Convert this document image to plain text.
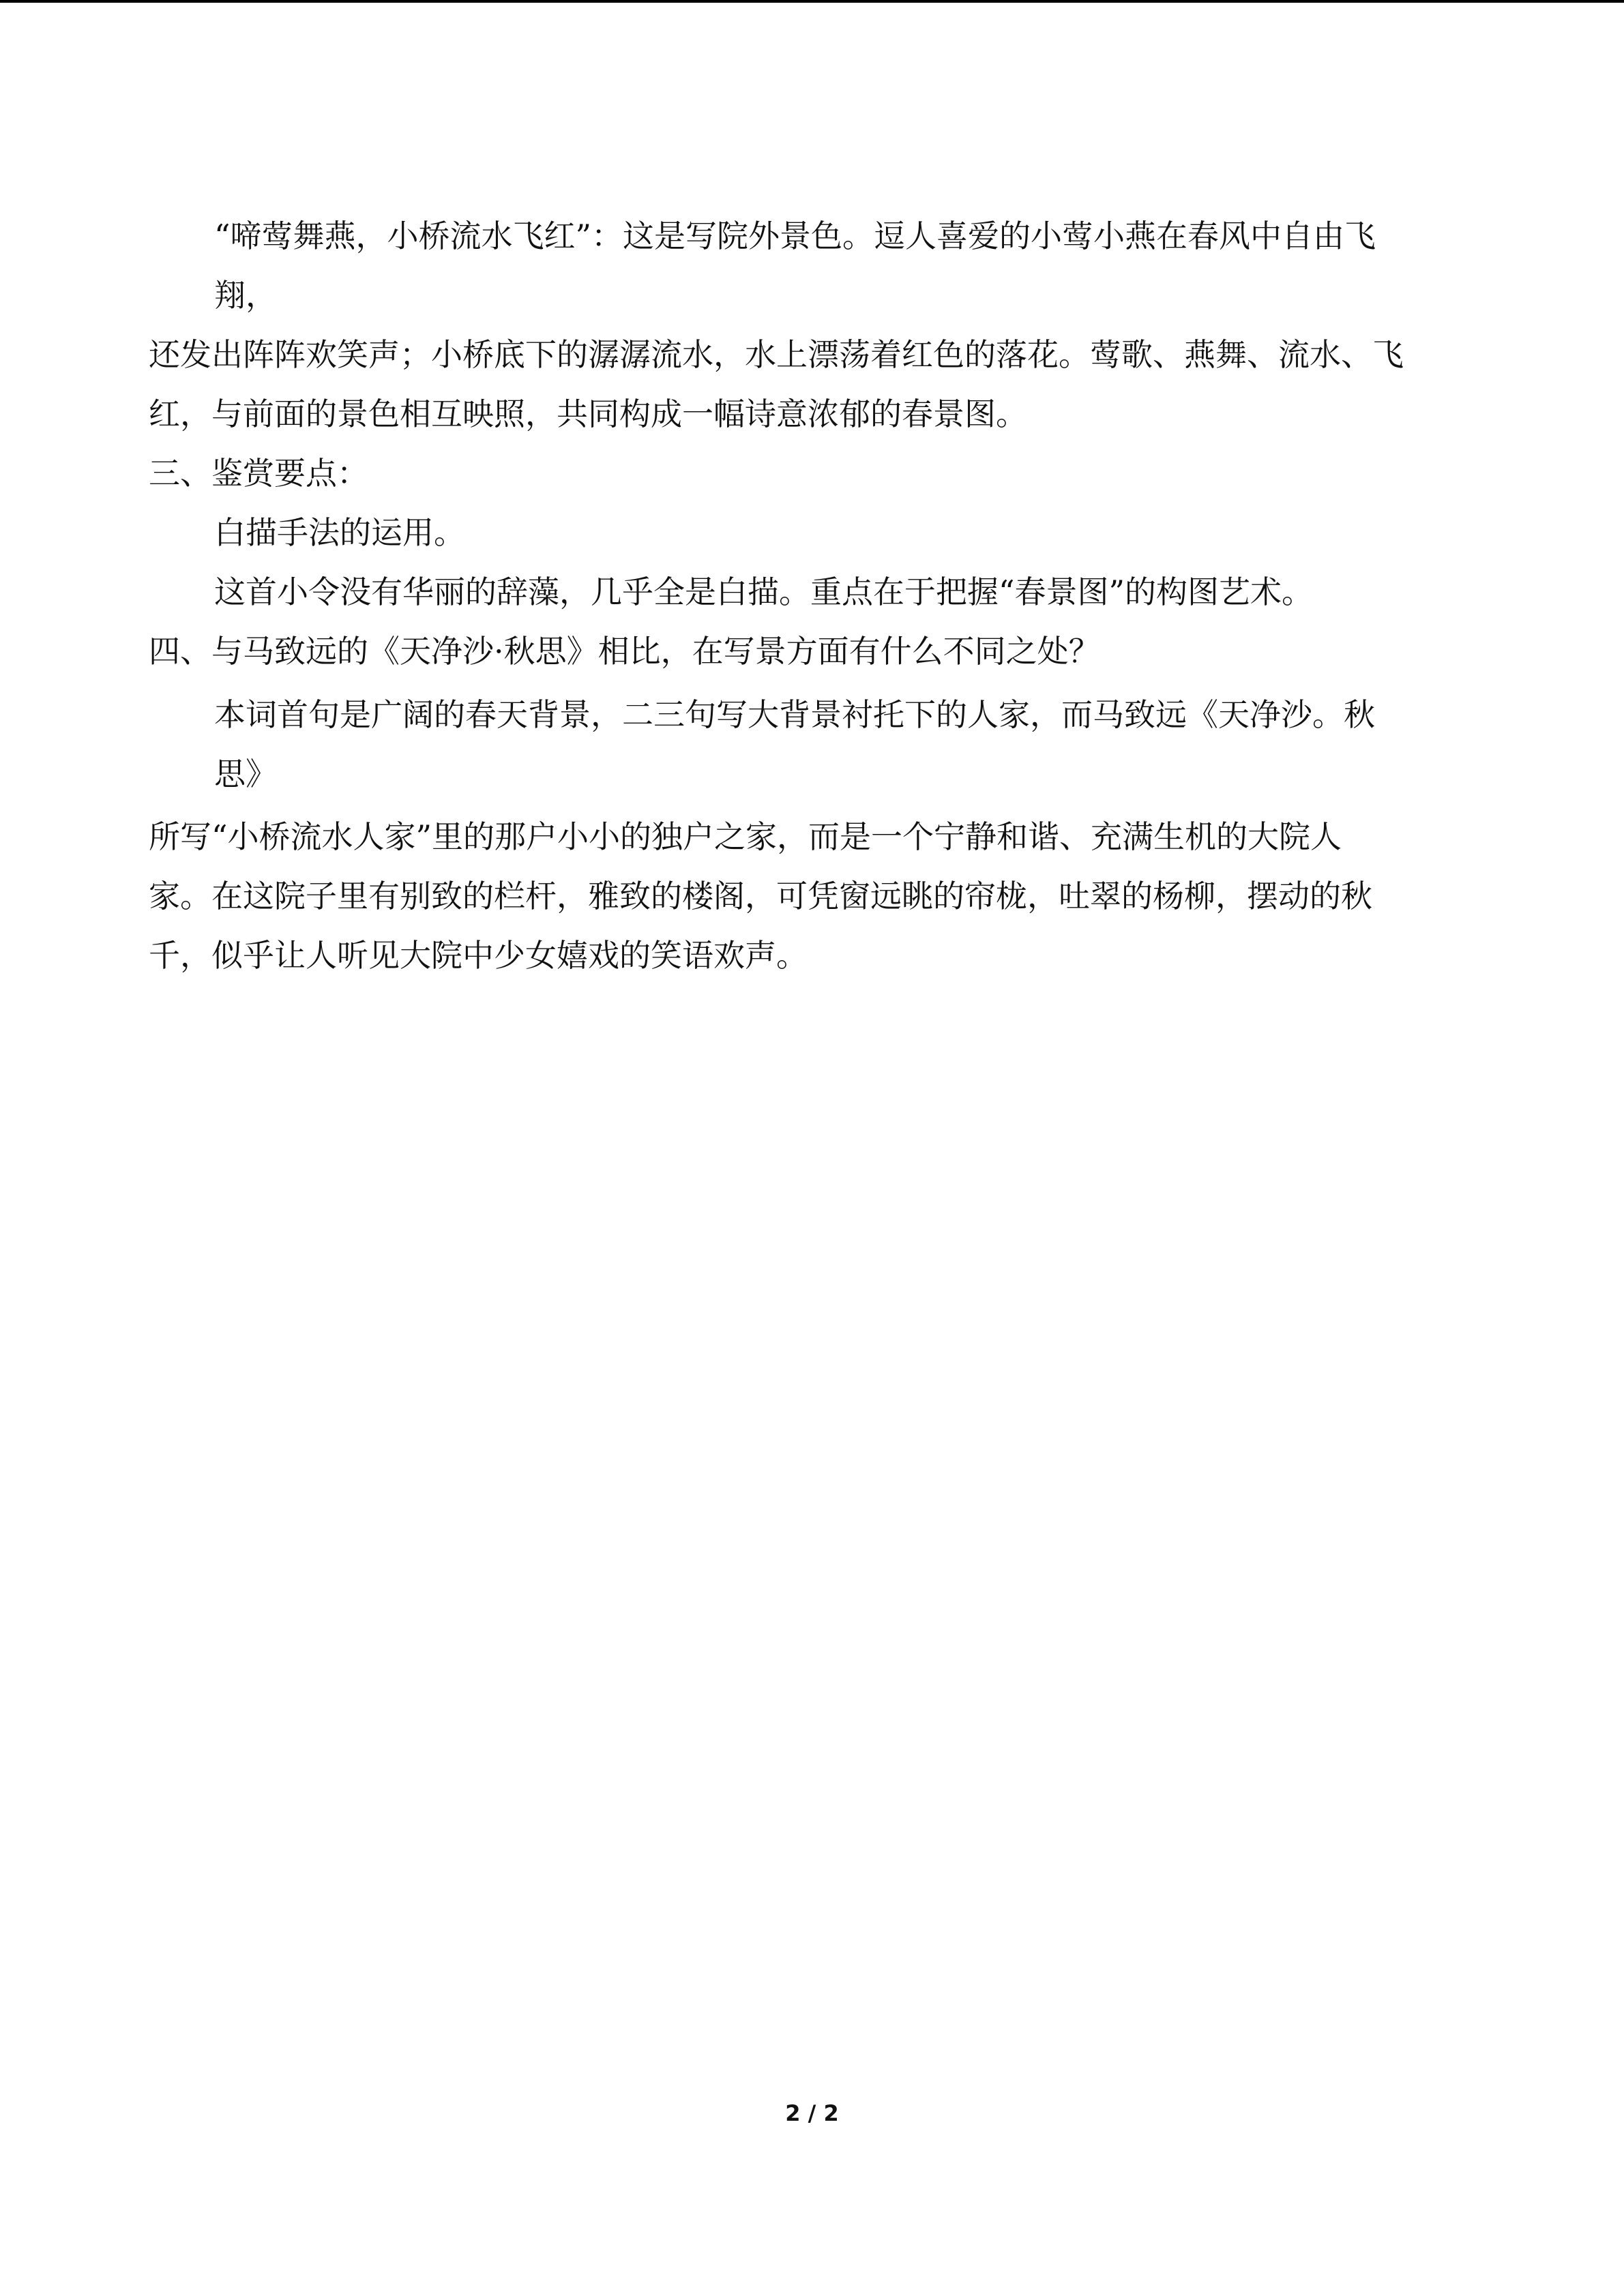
“啼莺舞燕，小桥流水飞红”：这是写院外景色。逗人喜爱的小莺小燕在春风中自由飞
翔，
还发出阵阵欢笑声；小桥底下的潺潺流水，水上漂荡着红色的落花。莺歌、燕舞、流水、飞
红，与前面的景色相互映照，共同构成一幅诗意浓郁的春景图。
三、鉴赏要点：
白描手法的运用。
这首小令没有华丽的辞藻，几乎全是白描。重点在于把握“春景图”的构图艺术。
四、与马致远的《天净沙·秋思》相比，在写景方面有什么不同之处？
本词首句是广阔的春天背景，二三句写大背景衬托下的人家，而马致远《天净沙。秋
思》
所写“小桥流水人家”里的那户小小的独户之家，而是一个宁静和谐、充满生机的大院人
家。在这院子里有别致的栏杆，雅致的楼阁，可凭窗远眺的帘栊，吐翠的杨柳，摆动的秋
千，似乎让人听见大院中少女嬉戏的笑语欢声。
2 / 2
